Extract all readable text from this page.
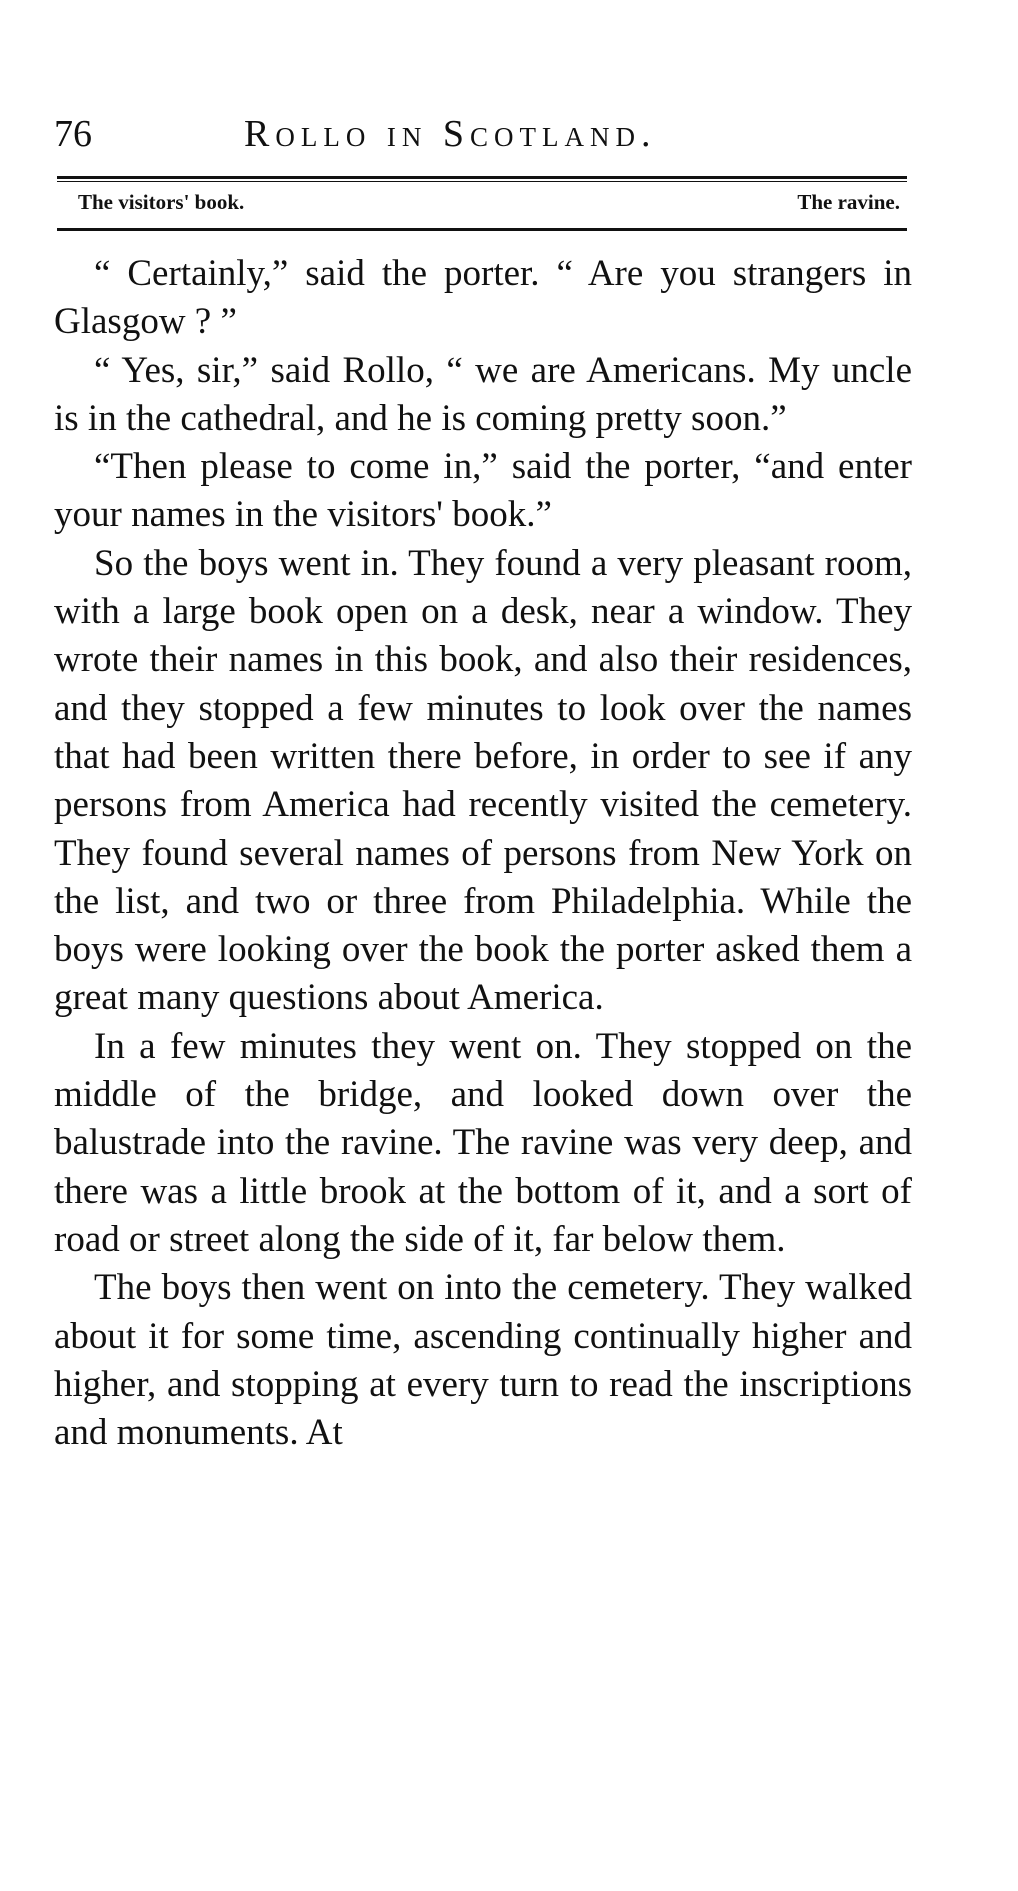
76	Rollo in Scotland.
The visitors' book.	The ravine.

“ Certainly,” said the porter. “ Are you strangers in Glasgow ? ”

“ Yes, sir,” said Rollo, “ we are Americans. My uncle is in the cathedral, and he is coming pretty soon.”

“Then please to come in,” said the porter, “and enter your names in the visitors' book.”

So the boys went in. They found a very pleasant room, with a large book open on a desk, near a window. They wrote their names in this book, and also their residences, and they stopped a few minutes to look over the names that had been written there before, in order to see if any persons from America had recently visited the cemetery. They found several names of persons from New York on the list, and two or three from Philadelphia. While the boys were looking over the book the porter asked them a great many questions about America.

In a few minutes they went on. They stopped on the middle of the bridge, and looked down over the balustrade into the ravine. The ravine was very deep, and there was a little brook at the bottom of it, and a sort of road or street along the side of it, far below them.

The boys then went on into the cemetery. They walked about it for some time, ascending continually higher and higher, and stopping at every turn to read the inscriptions and monuments. At
